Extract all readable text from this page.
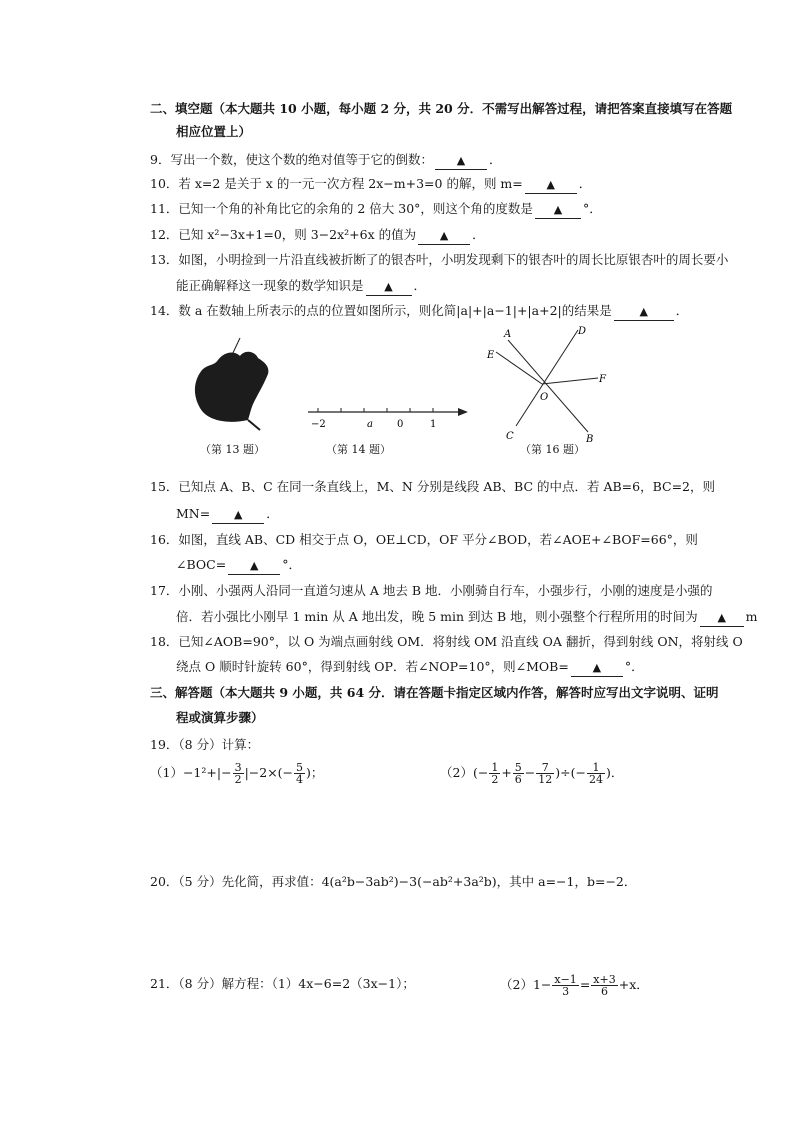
二、填空题（本大题共 10 小题，每小题 2 分，共 20 分．不需写出解答过程，请把答案直接填写在答题
相应位置上）
9．写出一个数，使这个数的绝对值等于它的倒数： ▲ ．
10．若 x=2 是关于 x 的一元一次方程 2x−m+3=0 的解，则 m= ▲ ．
11．已知一个角的补角比它的余角的 2 倍大 30°，则这个角的度数是 ▲ °．
12．已知 x²−3x+1=0，则 3−2x²+6x 的值为 ▲ ．
13．如图，小明捡到一片沿直线被折断了的银杏叶，小明发现剩下的银杏叶的周长比原银杏叶的周长要小
能正确解释这一现象的数学知识是 ▲ ．
14．数 a 在数轴上所表示的点的位置如图所示，则化简|a|+|a−1|+|a+2|的结果是	▲ ．
（第 13 题）
−2	a 0	1
（第 14 题）
A	D
E
F
O
C	B
（第 16 题）
15．已知点 A、B、C 在同一条直线上，M、N 分别是线段 AB、BC 的中点．若 AB=6，BC=2，则
MN= ▲ ．
16．如图，直线 AB、CD 相交于点 O，OE⊥CD，OF 平分∠BOD，若∠AOE+∠BOF=66°，则
∠BOC= ▲ °．
17．小刚、小强两人沿同一直道匀速从 A 地去 B 地．小刚骑自行车，小强步行，小刚的速度是小强的
倍．若小强比小刚早 1 min 从 A 地出发，晚 5 min 到达 B 地，则小强整个行程所用的时间为 ▲ m
18．已知∠AOB=90°，以 O 为端点画射线 OM．将射线 OM 沿直线 OA 翻折，得到射线 ON，将射线 O
绕点 O 顺时针旋转 60°，得到射线 OP．若∠NOP=10°，则∠MOB= ▲ °．
三、解答题（本大题共 9 小题，共 64 分．请在答题卡指定区域内作答，解答时应写出文字说明、证明
程或演算步骤）
19．（8 分）计算：
$(1)-1^2+|- \frac{3}{2} |-2\times(- \frac{5}{4}$ )；	$(2)(- \frac{1}{2} + \frac{5}{6} - \frac{7}{12}$ )÷(− $\frac{1}{24}$ )．
20．（5 分）先化简，再求值：4(a²b−3ab²)−3(−ab²+3a²b)，其中 a=−1，b=−2．
21．（8 分）解方程：（1）4x−6=2（3x−1）；	$(2)1- \frac{x-1}{3} = \frac{x+3}{6} +x$．
